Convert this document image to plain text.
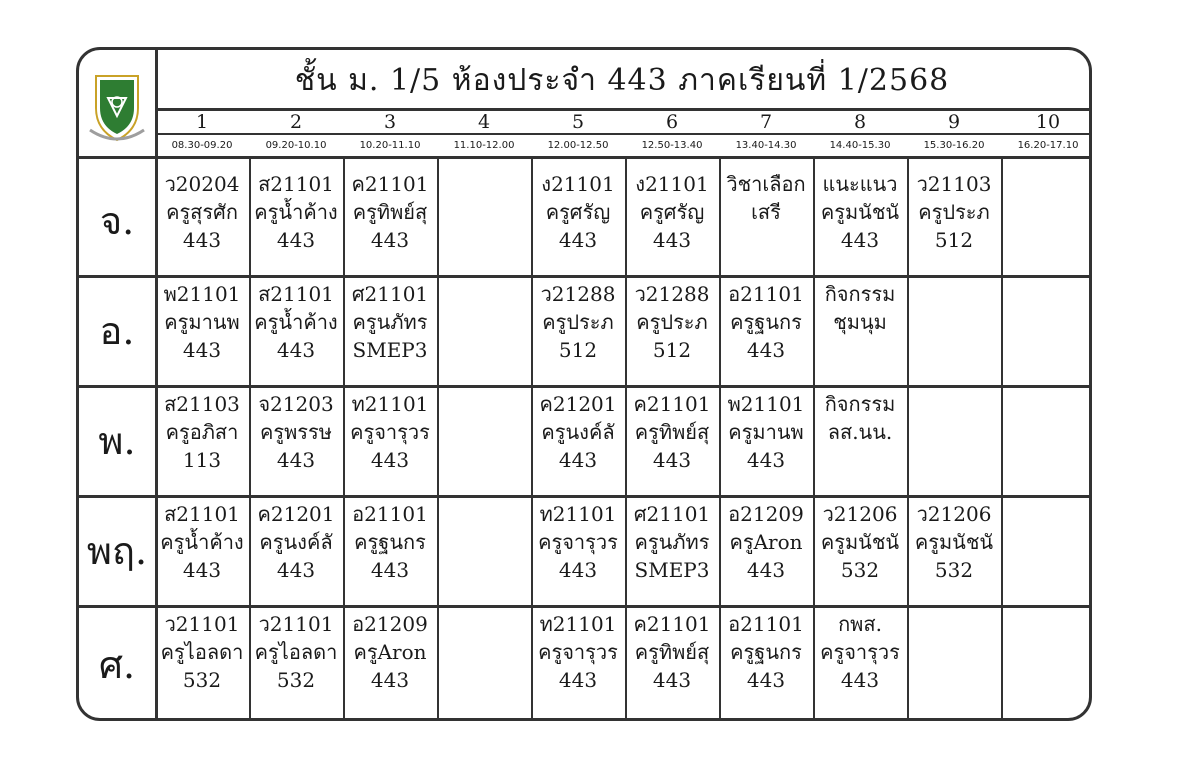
ชั้น ม. 1/5 ห้องประจำ 443 ภาคเรียนที่ 1/2568
1
08.30-09.20
2
09.20-10.10
3
10.20-11.10
4
11.10-12.00
5
12.00-12.50
6
12.50-13.40
7
13.40-14.30
8
14.40-15.30
9
15.30-16.20
10
16.20-17.10
จ.
ว20204
ครูสุรศัก
443
ส21101
ครูน้ำค้าง
443
ค21101
ครูทิพย์สุ
443
ง21101
ครูศรัญ
443
ง21101
ครูศรัญ
443
วิชาเลือก
เสรี
แนะแนว
ครูมนัชนั
443
ว21103
ครูประภ
512
อ.
พ21101
ครูมานพ
443
ส21101
ครูน้ำค้าง
443
ศ21101
ครูนภัทร
SMEP3
ว21288
ครูประภ
512
ว21288
ครูประภ
512
อ21101
ครูฐนกร
443
กิจกรรม
ชุมนุม
พ.
ส21103
ครูอภิสา
113
จ21203
ครูพรรษ
443
ท21101
ครูจารุวร
443
ค21201
ครูนงค์ลั
443
ค21101
ครูทิพย์สุ
443
พ21101
ครูมานพ
443
กิจกรรม
ลส.นน.
พฤ.
ส21101
ครูน้ำค้าง
443
ค21201
ครูนงค์ลั
443
อ21101
ครูฐนกร
443
ท21101
ครูจารุวร
443
ศ21101
ครูนภัทร
SMEP3
อ21209
ครูAron
443
ว21206
ครูมนัชนั
532
ว21206
ครูมนัชนั
532
ศ.
ว21101
ครูไอลดา
532
ว21101
ครูไอลดา
532
อ21209
ครูAron
443
ท21101
ครูจารุวร
443
ค21101
ครูทิพย์สุ
443
อ21101
ครูฐนกร
443
กพส.
ครูจารุวร
443
